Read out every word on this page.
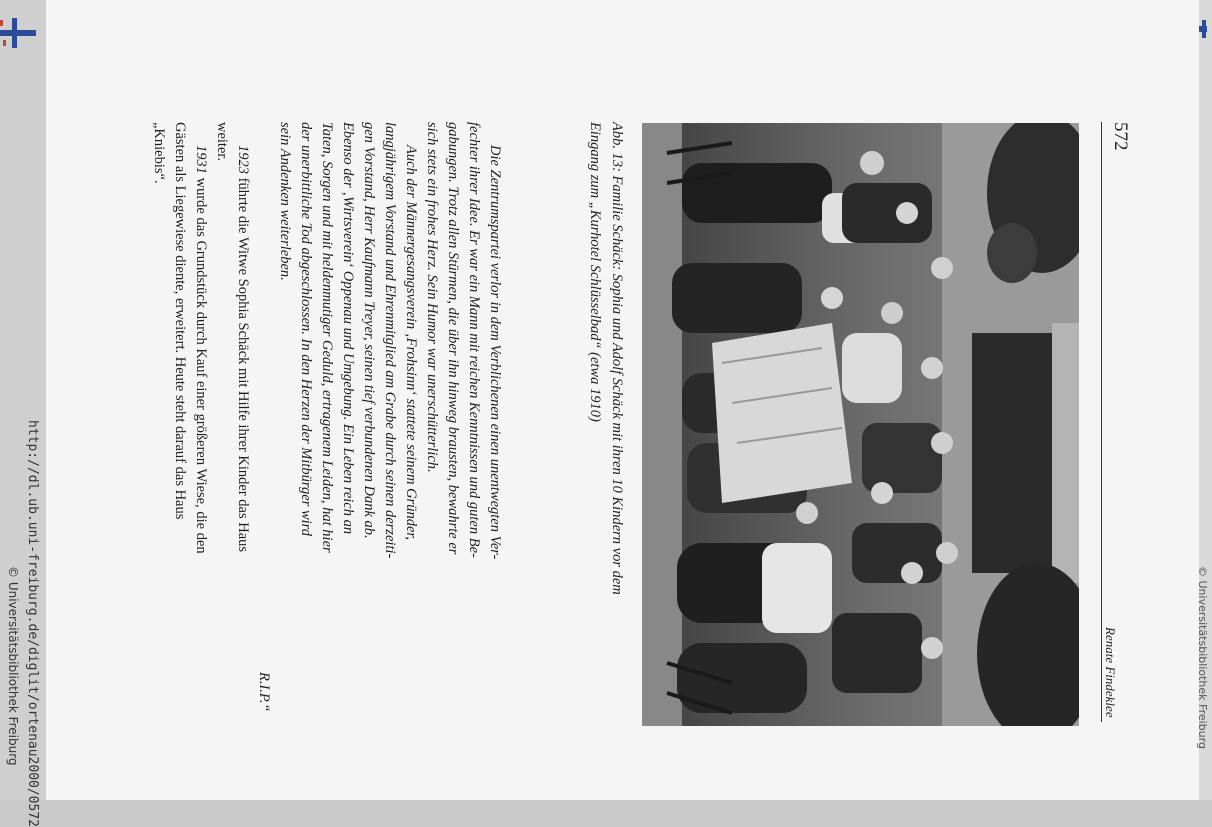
572
Renate Findeklee
Abb. 13: Familie Schäck: Sophia und Adolf Schäck mit ihren 10 Kindern vor dem
Eingang zum „Kurhotel Schlüsselbad“ (etwa 1910)
Die Zentrumspartei verlor in dem Verblichenen einen unentwegten Ver-
fechter ihrer Idee. Er war ein Mann mit reichen Kenntnissen und guten Be-
gabungen. Trotz allen Stürmen, die über ihn hinweg brausten, bewahrte er
sich stets ein frohes Herz. Sein Humor war unerschütterlich.
Auch der Männergesangsverein ‚Frohsinn‘ stattete seinem Gründer,
langjährigem Vorstand und Ehrenmitglied am Grabe durch seinen derzeiti-
gen Vorstand, Herr Kaufmann Treyer, seinen tief verbundenen Dank ab.
Ebenso der ‚Wirtsverein‘ Oppenau und Umgebung. Ein Leben reich an
Taten, Sorgen und mit heldenmutiger Geduld, ertragenem Leiden, hat hier
der unerbittliche Tod abgeschlossen. In den Herzen der Mitbürger wird
sein Andenken weiterleben.
R.I.P.“
1923 führte die Witwe Sophia Schäck mit Hilfe ihrer Kinder das Haus
weiter.
1931 wurde das Grundstück durch Kauf einer größeren Wiese, die den
Gästen als Liegewiese diente, erweitert. Heute steht darauf das Haus
„Kniebis“.
http://dl.ub.uni-freiburg.de/diglit/ortenau2000/0572
© Universitätsbibliothek Freiburg	© Universitätsbibliothek Freiburg
